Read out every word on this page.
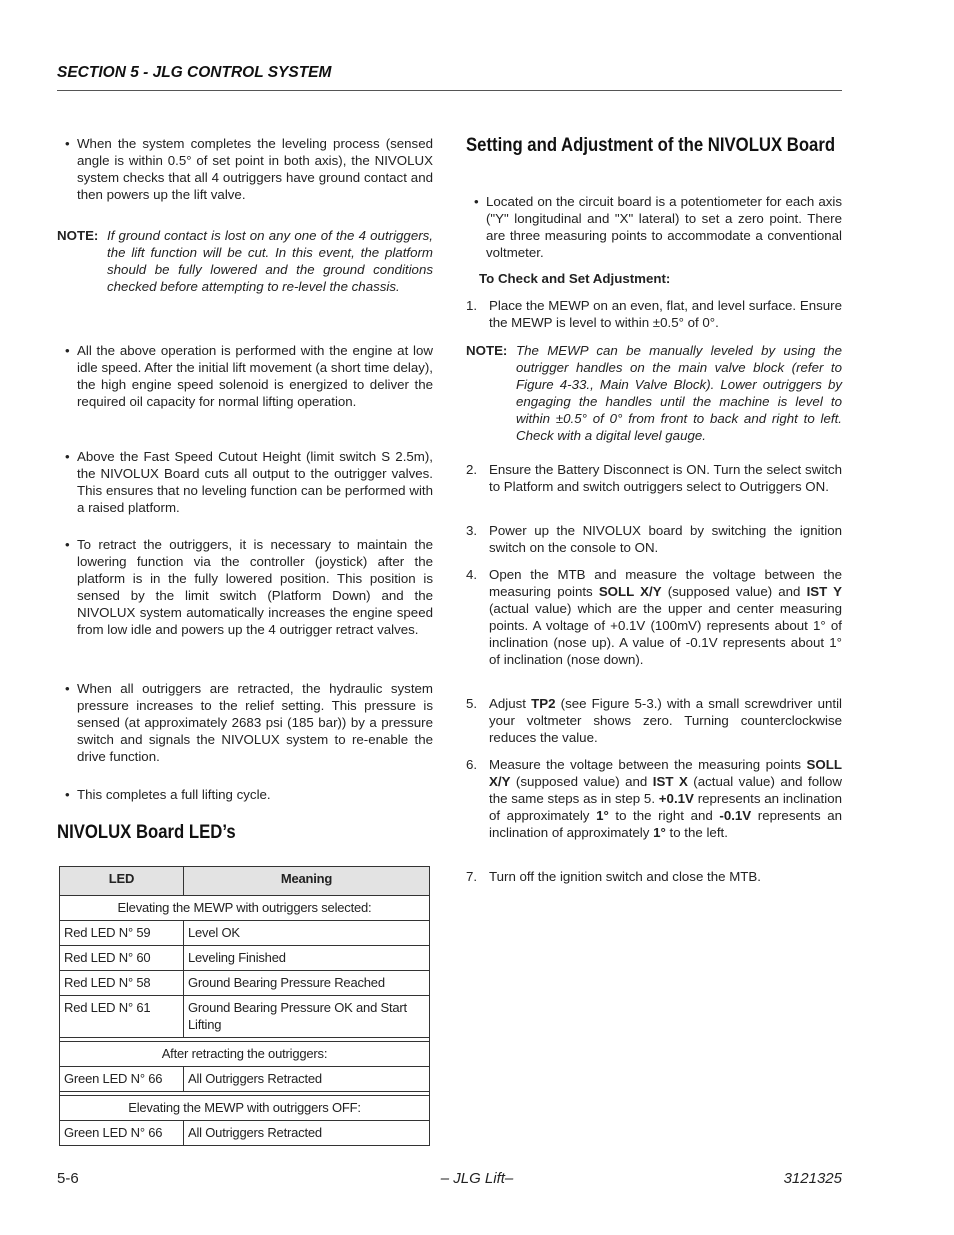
SECTION 5 - JLG CONTROL SYSTEM
• When the system completes the leveling process (sensed angle is within 0.5° of set point in both axis), the NIVOLUX system checks that all 4 outriggers have ground contact and then powers up the lift valve.
NOTE: If ground contact is lost on any one of the 4 outriggers, the lift function will be cut. In this event, the platform should be fully lowered and the ground conditions checked before attempting to re-level the chassis.
• All the above operation is performed with the engine at low idle speed. After the initial lift movement (a short time delay), the high engine speed solenoid is energized to deliver the required oil capacity for normal lifting operation.
• Above the Fast Speed Cutout Height (limit switch S 2.5m), the NIVOLUX Board cuts all output to the outrigger valves. This ensures that no leveling function can be performed with a raised platform.
• To retract the outriggers, it is necessary to maintain the lowering function via the controller (joystick) after the platform is in the fully lowered position. This position is sensed by the limit switch (Platform Down) and the NIVOLUX system automatically increases the engine speed from low idle and powers up the 4 outrigger retract valves.
• When all outriggers are retracted, the hydraulic system pressure increases to the relief setting. This pressure is sensed (at approximately 2683 psi (185 bar)) by a pressure switch and signals the NIVOLUX system to re-enable the drive function.
• This completes a full lifting cycle.
NIVOLUX Board LED’s
LED	Meaning
Elevating the MEWP with outriggers selected:	
Red LED N° 59	Level OK
Red LED N° 60	Leveling Finished
Red LED N° 58	Ground Bearing Pressure Reached
Red LED N° 61	Ground Bearing Pressure OK and Start Lifting

After retracting the outriggers:	
Green LED N° 66	All Outriggers Retracted

Elevating the MEWP with outriggers OFF:	
Green LED N° 66	All Outriggers Retracted
Setting and Adjustment of the NIVOLUX Board
• Located on the circuit board is a potentiometer for each axis ("Y" longitudinal and "X" lateral) to set a zero point. There are three measuring points to accommodate a conventional voltmeter.
To Check and Set Adjustment:
1. Place the MEWP on an even, flat, and level surface. Ensure the MEWP is level to within ±0.5° of 0°.
NOTE: The MEWP can be manually leveled by using the outrigger handles on the main valve block (refer to Figure 4-33., Main Valve Block). Lower outriggers by engaging the handles until the machine is level to within ±0.5° of 0° from front to back and right to left. Check with a digital level gauge.
2. Ensure the Battery Disconnect is ON. Turn the select switch to Platform and switch outriggers select to Outriggers ON.
3. Power up the NIVOLUX board by switching the ignition switch on the console to ON.
4. Open the MTB and measure the voltage between the measuring points SOLL X/Y (supposed value) and IST Y (actual value) which are the upper and center measuring points. A voltage of +0.1V (100mV) represents about 1° of inclination (nose up). A value of -0.1V represents about 1° of inclination (nose down).
5. Adjust TP2 (see Figure 5-3.) with a small screwdriver until your voltmeter shows zero. Turning counterclockwise reduces the value.
6. Measure the voltage between the measuring points SOLL X/Y (supposed value) and IST X (actual value) and follow the same steps as in step 5. +0.1V represents an inclination of approximately 1° to the right and -0.1V represents an inclination of approximately 1° to the left.
7. Turn off the ignition switch and close the MTB.
5-6	– JLG Lift–	3121325
